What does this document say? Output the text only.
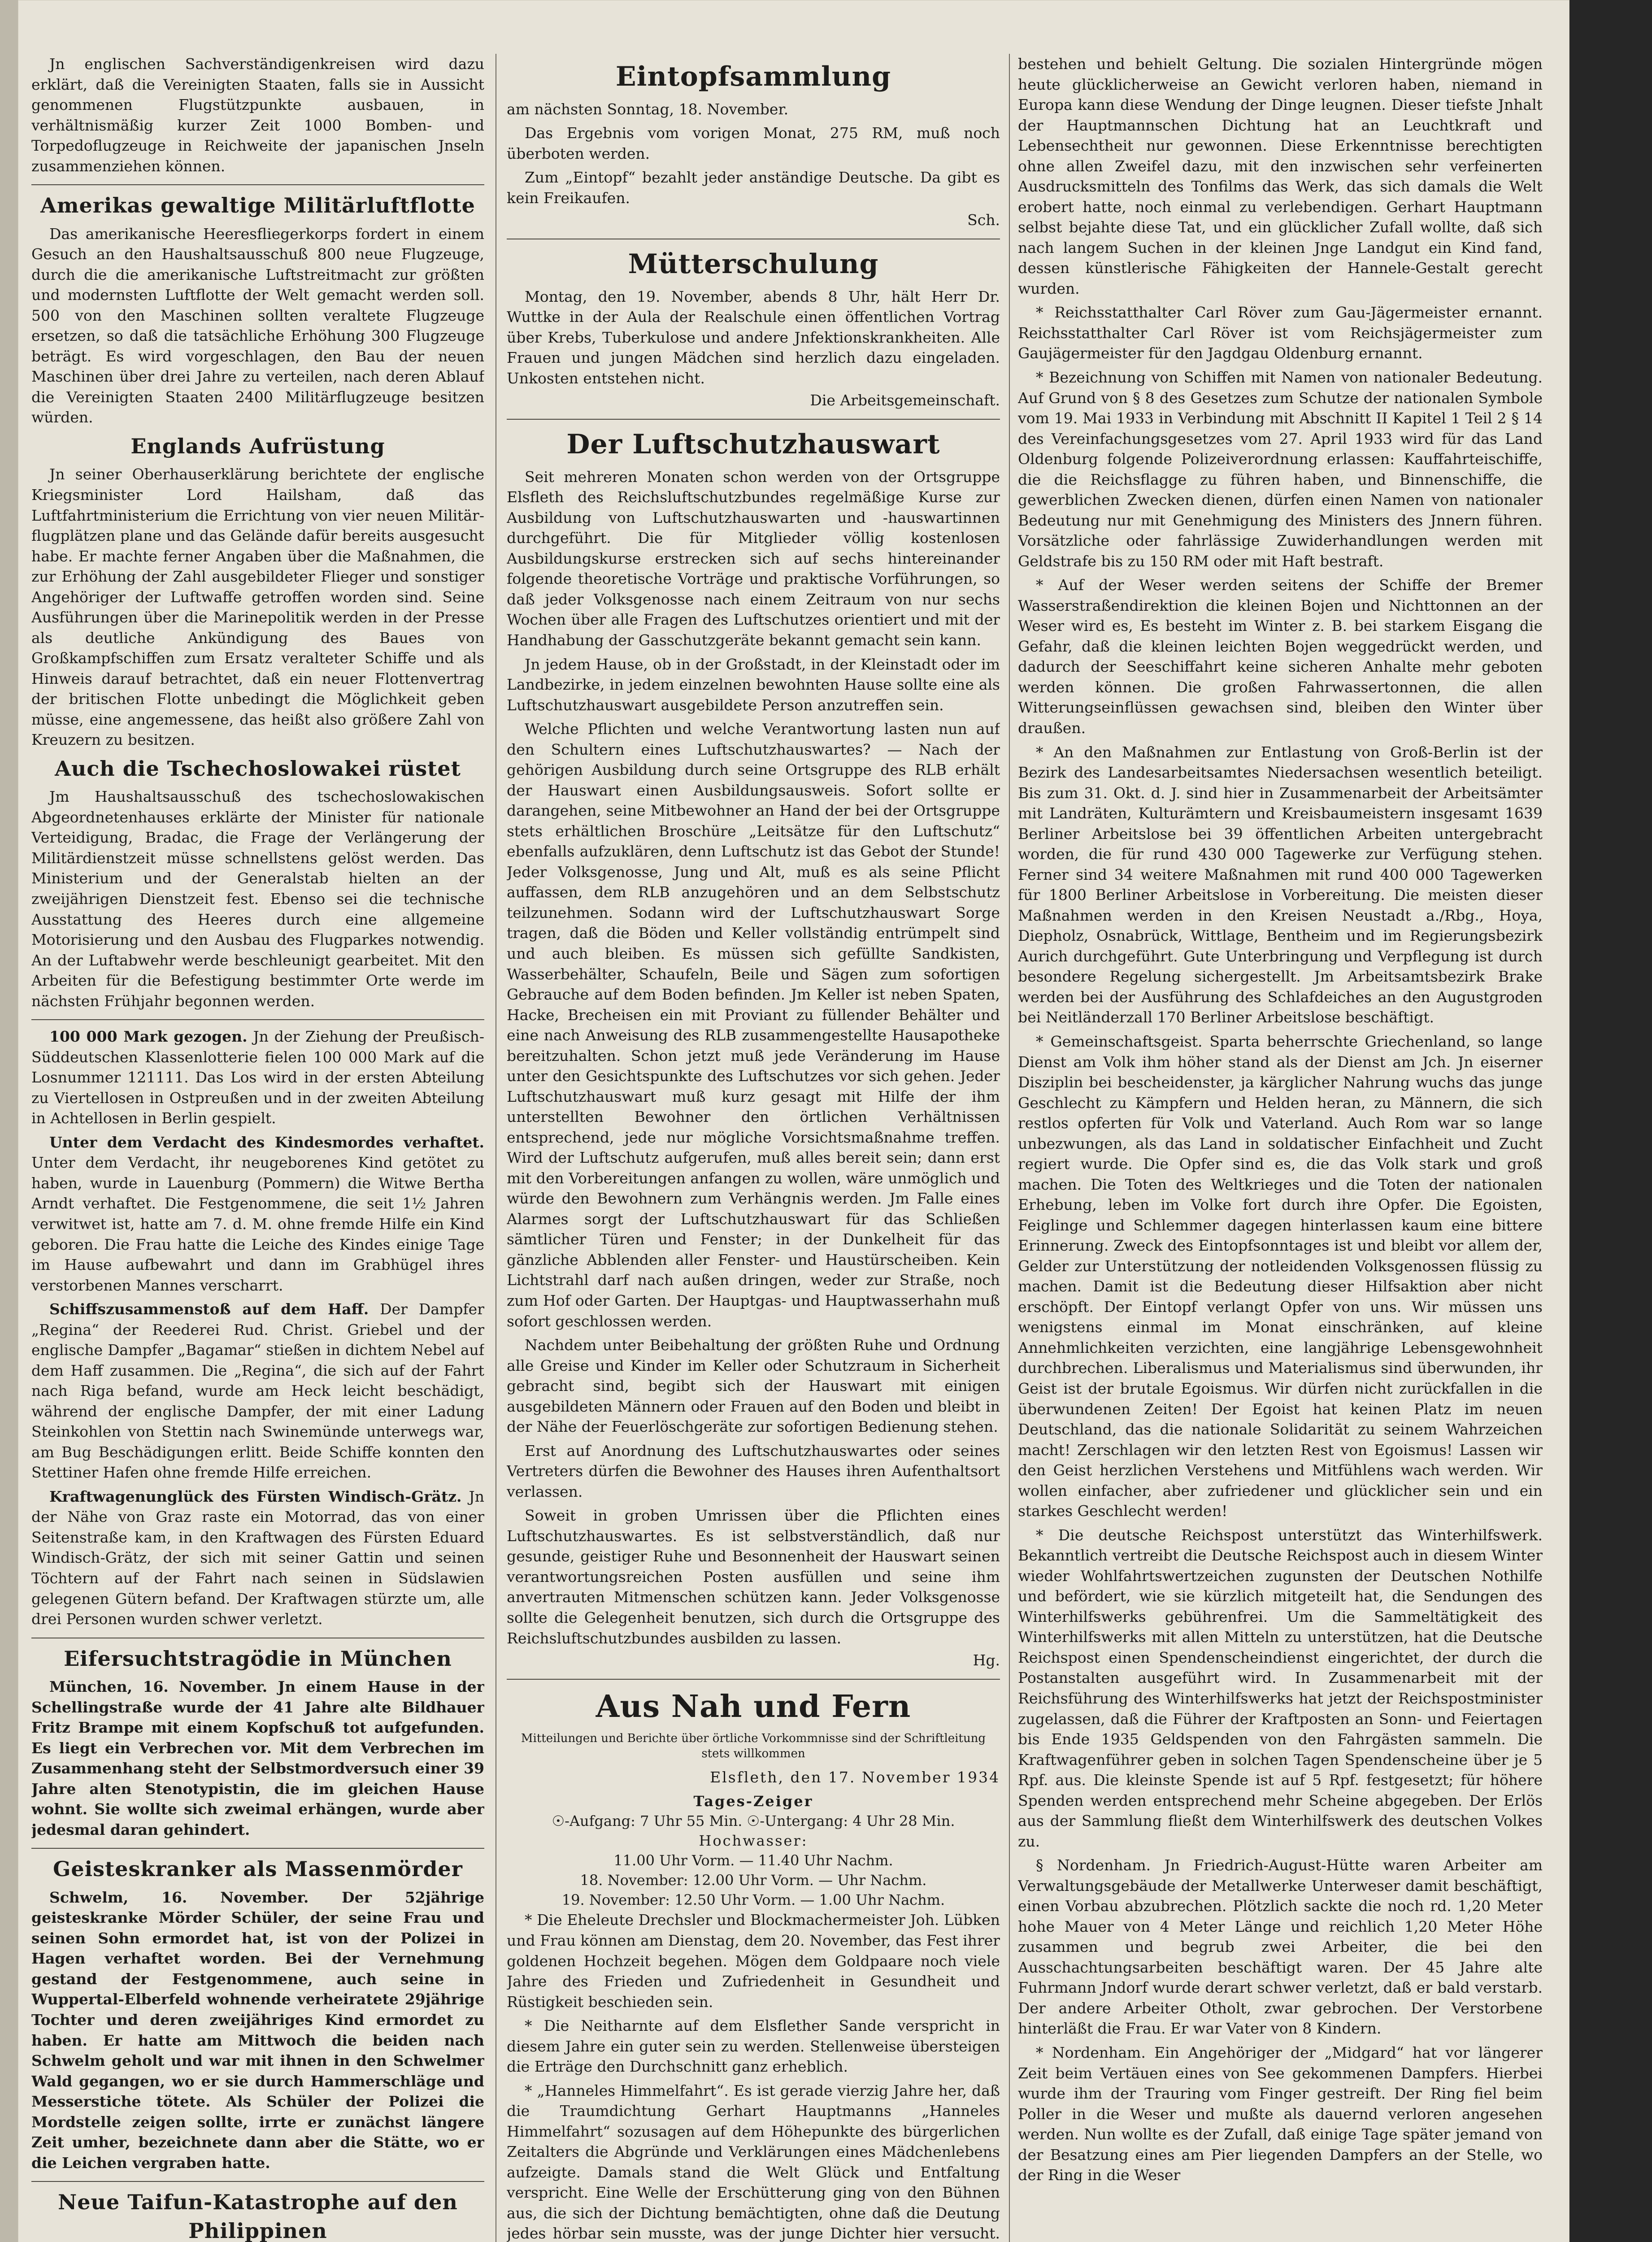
Jn englischen Sachverständigenkreisen wird dazu erklärt, daß die Vereinigten Staaten, falls sie in Aussicht genommenen Flugstützpunkte ausbauen, in verhältnismäßig kurzer Zeit 1000 Bomben- und Torpedoflugzeuge in Reichweite der japanischen Jnseln zusammenziehen können.

Amerikas gewaltige Militärluftflotte

Das amerikanische Heeresfliegerkorps fordert in einem Gesuch an den Haushaltsausschuß 800 neue Flugzeuge, durch die die amerikanische Luftstreitmacht zur größten und modernsten Luftflotte der Welt gemacht werden soll. 500 von den Maschinen sollten veraltete Flugzeuge ersetzen, so daß die tatsächliche Erhöhung 300 Flugzeuge beträgt. Es wird vorgeschlagen, den Bau der neuen Maschinen über drei Jahre zu verteilen, nach deren Ablauf die Vereinigten Staaten 2400 Militärflugzeuge besitzen würden.

Englands Aufrüstung

Jn seiner Oberhauserklärung berichtete der englische Kriegsminister Lord Hailsham, daß das Luftfahrtministerium die Errichtung von vier neuen Militär-flugplätzen plane und das Gelände dafür bereits ausgesucht habe. Er machte ferner Angaben über die Maßnahmen, die zur Erhöhung der Zahl ausgebildeter Flieger und sonstiger Angehöriger der Luftwaffe getroffen worden sind. Seine Ausführungen über die Marinepolitik werden in der Presse als deutliche Ankündigung des Baues von Großkampfschiffen zum Ersatz veralteter Schiffe und als Hinweis darauf betrachtet, daß ein neuer Flottenvertrag der britischen Flotte unbedingt die Möglichkeit geben müsse, eine angemessene, das heißt also größere Zahl von Kreuzern zu besitzen.

Auch die Tschechoslowakei rüstet

Jm Haushaltsausschuß des tschechoslowakischen Abgeordnetenhauses erklärte der Minister für nationale Verteidigung, Bradac, die Frage der Verlängerung der Militärdienstzeit müsse schnellstens gelöst werden. Das Ministerium und der Generalstab hielten an der zweijährigen Dienstzeit fest. Ebenso sei die technische Ausstattung des Heeres durch eine allgemeine Motorisierung und den Ausbau des Flugparkes notwendig. An der Luftabwehr werde beschleunigt gearbeitet. Mit den Arbeiten für die Befestigung bestimmter Orte werde im nächsten Frühjahr begonnen werden.

100 000 Mark gezogen. Jn der Ziehung der Preußisch-Süddeutschen Klassenlotterie fielen 100 000 Mark auf die Losnummer 121111. Das Los wird in der ersten Abteilung zu Viertellosen in Ostpreußen und in der zweiten Abteilung in Achtellosen in Berlin gespielt.

Unter dem Verdacht des Kindesmordes verhaftet. Unter dem Verdacht, ihr neugeborenes Kind getötet zu haben, wurde in Lauenburg (Pommern) die Witwe Bertha Arndt verhaftet. Die Festgenommene, die seit 1½ Jahren verwitwet ist, hatte am 7. d. M. ohne fremde Hilfe ein Kind geboren. Die Frau hatte die Leiche des Kindes einige Tage im Hause aufbewahrt und dann im Grabhügel ihres verstorbenen Mannes verscharrt.

Schiffszusammenstoß auf dem Haff. Der Dampfer „Regina“ der Reederei Rud. Christ. Griebel und der englische Dampfer „Bagamar“ stießen in dichtem Nebel auf dem Haff zusammen. Die „Regina“, die sich auf der Fahrt nach Riga befand, wurde am Heck leicht beschädigt, während der englische Dampfer, der mit einer Ladung Steinkohlen von Stettin nach Swinemünde unterwegs war, am Bug Beschädigungen erlitt. Beide Schiffe konnten den Stettiner Hafen ohne fremde Hilfe erreichen.

Kraftwagenunglück des Fürsten Windisch-Grätz. Jn der Nähe von Graz raste ein Motorrad, das von einer Seitenstraße kam, in den Kraftwagen des Fürsten Eduard Windisch-Grätz, der sich mit seiner Gattin und seinen Töchtern auf der Fahrt nach seinen in Südslawien gelegenen Gütern befand. Der Kraftwagen stürzte um, alle drei Personen wurden schwer verletzt.

Eifersuchtstragödie in München

München, 16. November. Jn einem Hause in der Schellingstraße wurde der 41 Jahre alte Bildhauer Fritz Brampe mit einem Kopfschuß tot aufgefunden. Es liegt ein Verbrechen vor. Mit dem Verbrechen im Zusammenhang steht der Selbstmordversuch einer 39 Jahre alten Stenotypistin, die im gleichen Hause wohnt. Sie wollte sich zweimal erhängen, wurde aber jedesmal daran gehindert.

Geisteskranker als Massenmörder

Schwelm, 16. November. Der 52jährige geisteskranke Mörder Schüler, der seine Frau und seinen Sohn ermordet hat, ist von der Polizei in Hagen verhaftet worden. Bei der Vernehmung gestand der Festgenommene, auch seine in Wuppertal-Elberfeld wohnende verheiratete 29jährige Tochter und deren zweijähriges Kind ermordet zu haben. Er hatte am Mittwoch die beiden nach Schwelm geholt und war mit ihnen in den Schwelmer Wald gegangen, wo er sie durch Hammerschläge und Messerstiche tötete. Als Schüler der Polizei die Mordstelle zeigen sollte, irrte er zunächst längere Zeit umher, bezeichnete dann aber die Stätte, wo er die Leichen vergraben hatte.

Neue Taifun-Katastrophe auf den Philippinen

Eintopfsammlung

am nächsten Sonntag, 18. November.

Das Ergebnis vom vorigen Monat, 275 RM, muß noch überboten werden.

Zum „Eintopf“ bezahlt jeder anständige Deutsche. Da gibt es kein Freikaufen.

Sch.
Mütterschulung

Montag, den 19. November, abends 8 Uhr, hält Herr Dr. Wuttke in der Aula der Realschule einen öffentlichen Vortrag über Krebs, Tuberkulose und andere Jnfektionskrankheiten. Alle Frauen und jungen Mädchen sind herzlich dazu eingeladen. Unkosten entstehen nicht.

Die Arbeitsgemeinschaft.
Der Luftschutzhauswart

Seit mehreren Monaten schon werden von der Ortsgruppe Elsfleth des Reichsluftschutzbundes regelmäßige Kurse zur Ausbildung von Luftschutzhauswarten und -hauswartinnen durchgeführt. Die für Mitglieder völlig kostenlosen Ausbildungskurse erstrecken sich auf sechs hintereinander folgende theoretische Vorträge und praktische Vorführungen, so daß jeder Volksgenosse nach einem Zeitraum von nur sechs Wochen über alle Fragen des Luftschutzes orientiert und mit der Handhabung der Gasschutzgeräte bekannt gemacht sein kann.

Jn jedem Hause, ob in der Großstadt, in der Kleinstadt oder im Landbezirke, in jedem einzelnen bewohnten Hause sollte eine als Luftschutzhauswart ausgebildete Person anzutreffen sein.

Welche Pflichten und welche Verantwortung lasten nun auf den Schultern eines Luftschutzhauswartes? — Nach der gehörigen Ausbildung durch seine Ortsgruppe des RLB erhält der Hauswart einen Ausbildungsausweis. Sofort sollte er darangehen, seine Mitbewohner an Hand der bei der Ortsgruppe stets erhältlichen Broschüre „Leitsätze für den Luftschutz“ ebenfalls aufzuklären, denn Luftschutz ist das Gebot der Stunde! Jeder Volksgenosse, Jung und Alt, muß es als seine Pflicht auffassen, dem RLB anzugehören und an dem Selbstschutz teilzunehmen. Sodann wird der Luftschutzhauswart Sorge tragen, daß die Böden und Keller vollständig entrümpelt sind und auch bleiben. Es müssen sich gefüllte Sandkisten, Wasserbehälter, Schaufeln, Beile und Sägen zum sofortigen Gebrauche auf dem Boden befinden. Jm Keller ist neben Spaten, Hacke, Brecheisen ein mit Proviant zu füllender Behälter und eine nach Anweisung des RLB zusammengestellte Hausapotheke bereitzuhalten. Schon jetzt muß jede Veränderung im Hause unter den Gesichtspunkte des Luftschutzes vor sich gehen. Jeder Luftschutzhauswart muß kurz gesagt mit Hilfe der ihm unterstellten Bewohner den örtlichen Verhältnissen entsprechend, jede nur mögliche Vorsichtsmaßnahme treffen. Wird der Luftschutz aufgerufen, muß alles bereit sein; dann erst mit den Vorbereitungen anfangen zu wollen, wäre unmöglich und würde den Bewohnern zum Verhängnis werden. Jm Falle eines Alarmes sorgt der Luftschutzhauswart für das Schließen sämtlicher Türen und Fenster; in der Dunkelheit für das gänzliche Abblenden aller Fenster- und Haustürscheiben. Kein Lichtstrahl darf nach außen dringen, weder zur Straße, noch zum Hof oder Garten. Der Hauptgas- und Hauptwasserhahn muß sofort geschlossen werden.

Nachdem unter Beibehaltung der größten Ruhe und Ordnung alle Greise und Kinder im Keller oder Schutzraum in Sicherheit gebracht sind, begibt sich der Hauswart mit einigen ausgebildeten Männern oder Frauen auf den Boden und bleibt in der Nähe der Feuerlöschgeräte zur sofortigen Bedienung stehen.

Erst auf Anordnung des Luftschutzhauswartes oder seines Vertreters dürfen die Bewohner des Hauses ihren Aufenthaltsort verlassen.

Soweit in groben Umrissen über die Pflichten eines Luftschutzhauswartes. Es ist selbstverständlich, daß nur gesunde, geistiger Ruhe und Besonnenheit der Hauswart seinen verantwortungsreichen Posten ausfüllen und seine ihm anvertrauten Mitmenschen schützen kann. Jeder Volksgenosse sollte die Gelegenheit benutzen, sich durch die Ortsgruppe des Reichsluftschutzbundes ausbilden zu lassen.

Hg.
Aus Nah und Fern
Mitteilungen und Berichte über örtliche Vorkommnisse sind der Schriftleitung stets willkommen

Elsfleth, den 17. November 1934

Tages-Zeiger
☉-Aufgang: 7 Uhr 55 Min. ☉-Untergang: 4 Uhr 28 Min.
Hochwasser:
11.00 Uhr Vorm. — 11.40 Uhr Nachm.
18. November: 12.00 Uhr Vorm. — Uhr Nachm.
19. November: 12.50 Uhr Vorm. — 1.00 Uhr Nachm.

* Die Eheleute Drechsler und Blockmachermeister Joh. Lübken und Frau können am Dienstag, dem 20. November, das Fest ihrer goldenen Hochzeit begehen. Mögen dem Goldpaare noch viele Jahre des Frieden und Zufriedenheit in Gesundheit und Rüstigkeit beschieden sein.

* Die Neitharnte auf dem Elsflether Sande verspricht in diesem Jahre ein guter sein zu werden. Stellenweise übersteigen die Erträge den Durchschnitt ganz erheblich.

* „Hanneles Himmelfahrt“. Es ist gerade vierzig Jahre her, daß die Traumdichtung Gerhart Hauptmanns „Hanneles Himmelfahrt“ sozusagen auf dem Höhepunkte des bürgerlichen Zeitalters die Abgründe und Verklärungen eines Mädchenlebens aufzeigte. Damals stand die Welt Glück und Entfaltung verspricht. Eine Welle der Erschütterung ging von den Bühnen aus, die sich der Dichtung bemächtigten, ohne daß die Deutung jedes hörbar sein musste, was der junge Dichter hier versucht.

bestehen und behielt Geltung. Die sozialen Hintergründe mögen heute glücklicherweise an Gewicht verloren haben, niemand in Europa kann diese Wendung der Dinge leugnen. Dieser tiefste Jnhalt der Hauptmannschen Dichtung hat an Leuchtkraft und Lebensechtheit nur gewonnen. Diese Erkenntnisse berechtigten ohne allen Zweifel dazu, mit den inzwischen sehr verfeinerten Ausdrucksmitteln des Tonfilms das Werk, das sich damals die Welt erobert hatte, noch einmal zu verlebendigen. Gerhart Hauptmann selbst bejahte diese Tat, und ein glücklicher Zufall wollte, daß sich nach langem Suchen in der kleinen Jnge Landgut ein Kind fand, dessen künstlerische Fähigkeiten der Hannele-Gestalt gerecht wurden.

* Reichsstatthalter Carl Röver zum Gau-Jägermeister ernannt. Reichsstatthalter Carl Röver ist vom Reichsjägermeister zum Gaujägermeister für den Jagdgau Oldenburg ernannt.

* Bezeichnung von Schiffen mit Namen von nationaler Bedeutung. Auf Grund von § 8 des Gesetzes zum Schutze der nationalen Symbole vom 19. Mai 1933 in Verbindung mit Abschnitt II Kapitel 1 Teil 2 § 14 des Vereinfachungsgesetzes vom 27. April 1933 wird für das Land Oldenburg folgende Polizeiverordnung erlassen: Kauffahrteischiffe, die die Reichsflagge zu führen haben, und Binnenschiffe, die gewerblichen Zwecken dienen, dürfen einen Namen von nationaler Bedeutung nur mit Genehmigung des Ministers des Jnnern führen. Vorsätzliche oder fahrlässige Zuwiderhandlungen werden mit Geldstrafe bis zu 150 RM oder mit Haft bestraft.

* Auf der Weser werden seitens der Schiffe der Bremer Wasserstraßendirektion die kleinen Bojen und Nichttonnen an der Weser wird es, Es besteht im Winter z. B. bei starkem Eisgang die Gefahr, daß die kleinen leichten Bojen weggedrückt werden, und dadurch der Seeschiffahrt keine sicheren Anhalte mehr geboten werden können. Die großen Fahrwassertonnen, die allen Witterungseinflüssen gewachsen sind, bleiben den Winter über draußen.

* An den Maßnahmen zur Entlastung von Groß-Berlin ist der Bezirk des Landesarbeitsamtes Niedersachsen wesentlich beteiligt. Bis zum 31. Okt. d. J. sind hier in Zusammenarbeit der Arbeitsämter mit Landräten, Kulturämtern und Kreisbaumeistern insgesamt 1639 Berliner Arbeitslose bei 39 öffentlichen Arbeiten untergebracht worden, die für rund 430 000 Tagewerke zur Verfügung stehen. Ferner sind 34 weitere Maßnahmen mit rund 400 000 Tagewerken für 1800 Berliner Arbeitslose in Vorbereitung. Die meisten dieser Maßnahmen werden in den Kreisen Neustadt a./Rbg., Hoya, Diepholz, Osnabrück, Wittlage, Bentheim und im Regierungsbezirk Aurich durchgeführt. Gute Unterbringung und Verpflegung ist durch besondere Regelung sichergestellt. Jm Arbeitsamtsbezirk Brake werden bei der Ausführung des Schlafdeiches an den Augustgroden bei Neitländerzall 170 Berliner Arbeitslose beschäftigt.

* Gemeinschaftsgeist. Sparta beherrschte Griechenland, so lange Dienst am Volk ihm höher stand als der Dienst am Jch. Jn eiserner Disziplin bei bescheidenster, ja kärglicher Nahrung wuchs das junge Geschlecht zu Kämpfern und Helden heran, zu Männern, die sich restlos opferten für Volk und Vaterland. Auch Rom war so lange unbezwungen, als das Land in soldatischer Einfachheit und Zucht regiert wurde. Die Opfer sind es, die das Volk stark und groß machen. Die Toten des Weltkrieges und die Toten der nationalen Erhebung, leben im Volke fort durch ihre Opfer. Die Egoisten, Feiglinge und Schlemmer dagegen hinterlassen kaum eine bittere Erinnerung. Zweck des Eintopfsonntages ist und bleibt vor allem der, Gelder zur Unterstützung der notleidenden Volksgenossen flüssig zu machen. Damit ist die Bedeutung dieser Hilfsaktion aber nicht erschöpft. Der Eintopf verlangt Opfer von uns. Wir müssen uns wenigstens einmal im Monat einschränken, auf kleine Annehmlichkeiten verzichten, eine langjährige Lebensgewohnheit durchbrechen. Liberalismus und Materialismus sind überwunden, ihr Geist ist der brutale Egoismus. Wir dürfen nicht zurückfallen in die überwundenen Zeiten! Der Egoist hat keinen Platz im neuen Deutschland, das die nationale Solidarität zu seinem Wahrzeichen macht! Zerschlagen wir den letzten Rest von Egoismus! Lassen wir den Geist herzlichen Verstehens und Mitfühlens wach werden. Wir wollen einfacher, aber zufriedener und glücklicher sein und ein starkes Geschlecht werden!

* Die deutsche Reichspost unterstützt das Winterhilfswerk. Bekanntlich vertreibt die Deutsche Reichspost auch in diesem Winter wieder Wohlfahrtswertzeichen zugunsten der Deutschen Nothilfe und befördert, wie sie kürzlich mitgeteilt hat, die Sendungen des Winterhilfswerks gebührenfrei. Um die Sammeltätigkeit des Winterhilfswerks mit allen Mitteln zu unterstützen, hat die Deutsche Reichspost einen Spendenscheindienst eingerichtet, der durch die Postanstalten ausgeführt wird. In Zusammenarbeit mit der Reichsführung des Winterhilfswerks hat jetzt der Reichspostminister zugelassen, daß die Führer der Kraftposten an Sonn- und Feiertagen bis Ende 1935 Geldspenden von den Fahrgästen sammeln. Die Kraftwagenführer geben in solchen Tagen Spendenscheine über je 5 Rpf. aus. Die kleinste Spende ist auf 5 Rpf. festgesetzt; für höhere Spenden werden entsprechend mehr Scheine abgegeben. Der Erlös aus der Sammlung fließt dem Winterhilfswerk des deutschen Volkes zu.

§ Nordenham. Jn Friedrich-August-Hütte waren Arbeiter am Verwaltungsgebäude der Metallwerke Unterweser damit beschäftigt, einen Vorbau abzubrechen. Plötzlich sackte die noch rd. 1,20 Meter hohe Mauer von 4 Meter Länge und reichlich 1,20 Meter Höhe zusammen und begrub zwei Arbeiter, die bei den Ausschachtungsarbeiten beschäftigt waren. Der 45 Jahre alte Fuhrmann Jndorf wurde derart schwer verletzt, daß er bald verstarb. Der andere Arbeiter Otholt, zwar gebrochen. Der Verstorbene hinterläßt die Frau. Er war Vater von 8 Kindern.

* Nordenham. Ein Angehöriger der „Midgard“ hat vor längerer Zeit beim Vertäuen eines von See gekommenen Dampfers. Hierbei wurde ihm der Trauring vom Finger gestreift. Der Ring fiel beim Poller in die Weser und mußte als dauernd verloren angesehen werden. Nun wollte es der Zufall, daß einige Tage später jemand von der Besatzung eines am Pier liegenden Dampfers an der Stelle, wo der Ring in die Weser
